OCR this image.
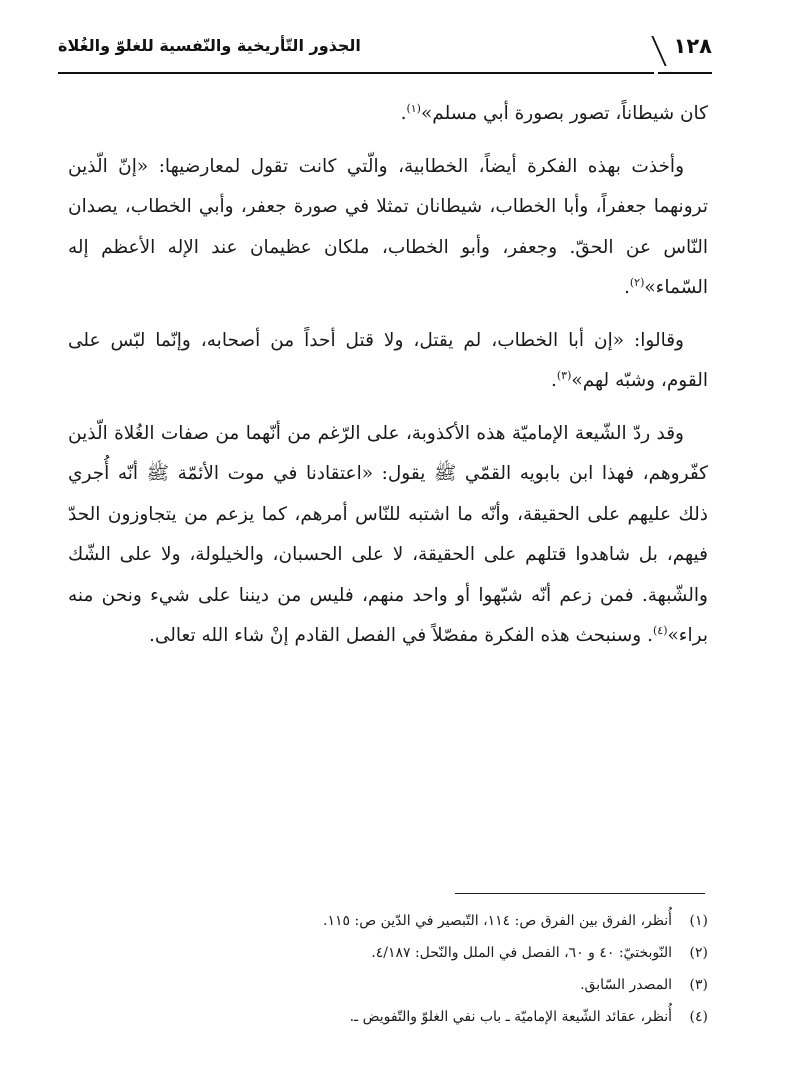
١٢٨
الجذور التّأريخية والنّفسية للغلوّ والغُلاة

كان شيطاناً، تصور بصورة أبي مسلم»$^{(١)}$.

وأخذت بهذه الفكرة أيضاً، الخطابية، والّتي كانت تقول لمعارضيها: «إنّ الّذين ترونهما جعفراً، وأبا الخطاب، شيطانان تمثلا في صورة جعفر، وأبي الخطاب، يصدان النّاس عن الحقّ. وجعفر، وأبو الخطاب، ملكان عظيمان عند الإله الأعظم إله السّماء»$^{(٢)}$.

وقالوا: «إن أبا الخطاب، لم يقتل، ولا قتل أحداً من أصحابه، وإنّما لبّس على القوم، وشبّه لهم»$^{(٣)}$.

وقد ردّ الشّيعة الإماميّة هذه الأكذوبة، على الرّغم من أنّهما من صفات الغُلاة الّذين كفّروهم، فهذا ابن بابويه القمّي ﷺ يقول: «اعتقادنا في موت الأئمّة ﷺ أنّه أُجري ذلك عليهم على الحقيقة، وأنّه ما اشتبه للنّاس أمرهم، كما يزعم من يتجاوزون الحدّ فيهم، بل شاهدوا قتلهم على الحقيقة، لا على الحسبان، والخيلولة، ولا على الشّك والشّبهة. فمن زعم أنّه شبّهوا أو واحد منهم، فليس من ديننا على شيء ونحن منه براء»$^{(٤)}$. وسنبحث هذه الفكرة مفصّلاً في الفصل القادم إنْ شاء الله تعالى.

(١)أُنظر، الفرق بين الفرق ص: ١١٤، التّبصير في الدّين ص: ١١٥.
(٢)النّوبختيّ: ٤٠ و ٦٠، الفصل في الملل والنّحل: ٤/١٨٧.
(٣)المصدر السّابق.
(٤)أُنظر، عقائد الشّيعة الإماميّة ـ باب نفي الغلوّ والتّفويض ـ.
